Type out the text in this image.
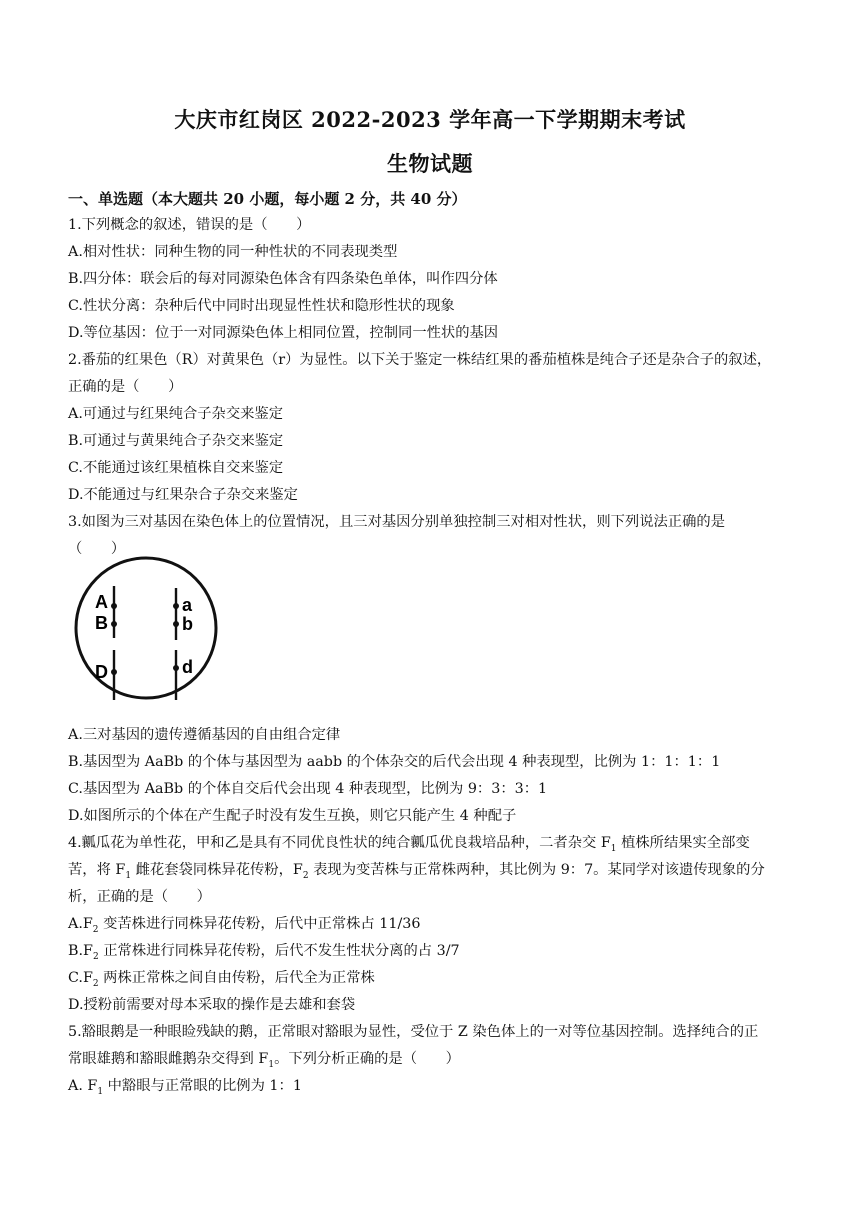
大庆市红岗区 2022-2023 学年高一下学期期末考试
生物试题
一、单选题（本大题共 20 小题，每小题 2 分，共 40 分）
1.下列概念的叙述，错误的是（　　）
A.相对性状：同种生物的同一种性状的不同表现类型
B.四分体：联会后的每对同源染色体含有四条染色单体，叫作四分体
C.性状分离：杂种后代中同时出现显性性状和隐形性状的现象
D.等位基因：位于一对同源染色体上相同位置，控制同一性状的基因
2.番茄的红果色（R）对黄果色（r）为显性。以下关于鉴定一株结红果的番茄植株是纯合子还是杂合子的叙述，
正确的是（　　）
A.可通过与红果纯合子杂交来鉴定
B.可通过与黄果纯合子杂交来鉴定
C.不能通过该红果植株自交来鉴定
D.不能通过与红果杂合子杂交来鉴定
3.如图为三对基因在染色体上的位置情况，且三对基因分别单独控制三对相对性状，则下列说法正确的是
（　　）
A
B
D
a
b
d
A.三对基因的遗传遵循基因的自由组合定律
B.基因型为 AaBb 的个体与基因型为 aabb 的个体杂交的后代会出现 4 种表现型，比例为 1：1：1：1
C.基因型为 AaBb 的个体自交后代会出现 4 种表现型，比例为 9：3：3：1
D.如图所示的个体在产生配子时没有发生互换，则它只能产生 4 种配子
4.瓤瓜花为单性花，甲和乙是具有不同优良性状的纯合瓤瓜优良栽培品种，二者杂交 $F_1$ 植株所结果实全部变
苦，将 $F_1$ 雌花套袋同株异花传粉，$F_2$ 表现为变苦株与正常株两种，其比例为 9：7。某同学对该遗传现象的分
析，正确的是（　　）
$A.F_2$ 变苦株进行同株异花传粉，后代中正常株占 11/36
$B.F_2$ 正常株进行同株异花传粉，后代不发生性状分离的占 3/7
$C.F_2$ 两株正常株之间自由传粉，后代全为正常株
D.授粉前需要对母本采取的操作是去雄和套袋
5.豁眼鹅是一种眼睑残缺的鹅，正常眼对豁眼为显性，受位于 Z 染色体上的一对等位基因控制。选择纯合的正
常眼雄鹅和豁眼雌鹅杂交得到 $F_1$。下列分析正确的是（　　）
A. $F_1$ 中豁眼与正常眼的比例为 1：1
